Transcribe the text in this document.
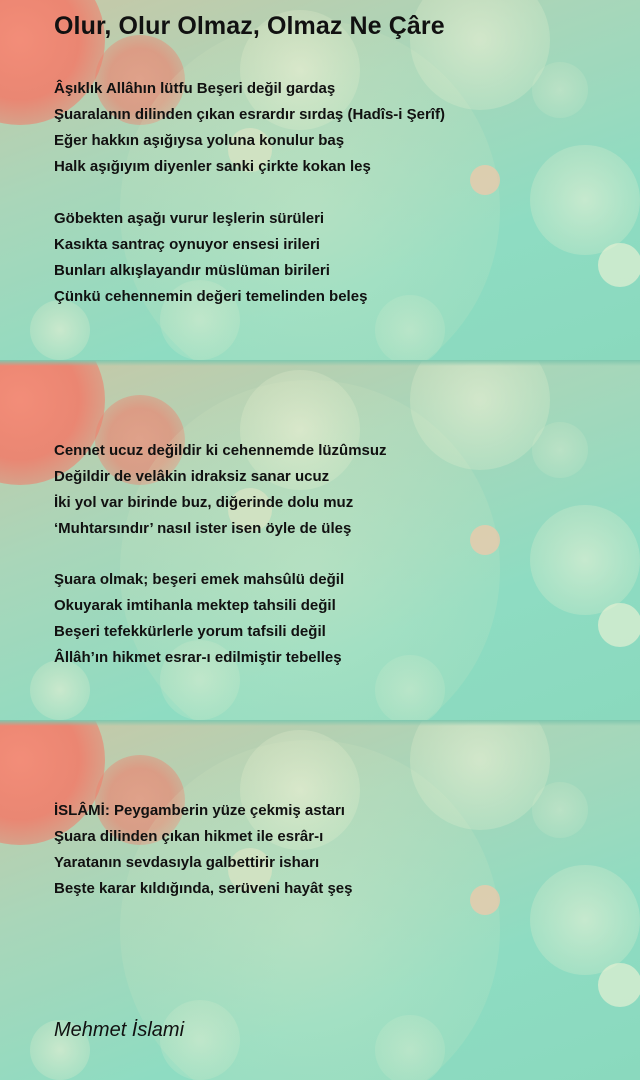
Olur, Olur Olmaz, Olmaz Ne Çâre
Âşıklık Allâhın lütfu Beşeri değil gardaş
Şuaralanın dilinden çıkan esrardır sırdaş (Hadîs-i Şerîf)
Eğer hakkın aşığıysa yoluna konulur baş
Halk aşığıyım diyenler sanki çirkte kokan leş
Göbekten aşağı vurur leşlerin sürüleri
Kasıkta santraç oynuyor ensesi irileri
Bunları alkışlayandır müslüman birileri
Çünkü cehennemin değeri temelinden beleş
Cennet ucuz değildir ki cehennemde lüzûmsuz
Değildir de velâkin idraksiz sanar ucuz
İki yol var birinde buz, diğerinde dolu muz
‘Muhtarsındır’ nasıl ister isen öyle de üleş
Şuara olmak; beşeri emek mahsûlü değil
Okuyarak imtihanla mektep tahsili değil
Beşeri tefekkürlerle yorum tafsili değil
Âllâh’ın hikmet esrar-ı edilmiştir tebelleş
İSLÂMİ: Peygamberin yüze çekmiş astarı
Şuara dilinden çıkan hikmet ile esrâr-ı
Yaratanın sevdasıyla galbettirir isharı
Beşte karar kıldığında, serüveni hayât şeş
Mehmet İslami
